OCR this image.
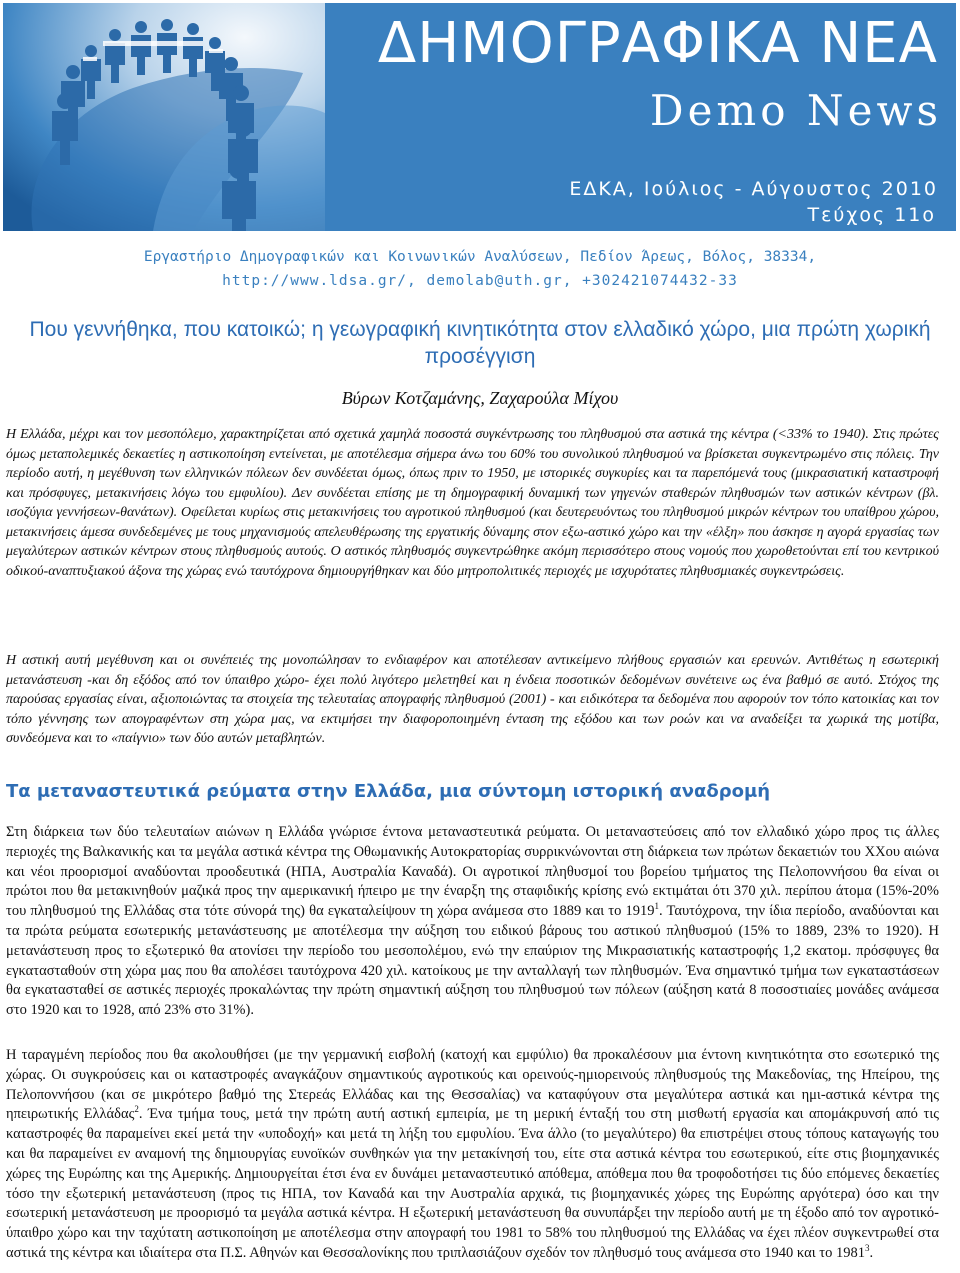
ΔΗΜΟΓΡΑΦΙΚΑ ΝΕΑ
Demo News
ΕΔΚΑ, Ιούλιος - Αύγουστος 2010
Τεύχος 11ο
Εργαστήριο Δημογραφικών και Κοινωνικών Αναλύσεων, Πεδίον Άρεως, Βόλος, 38334,
http://www.ldsa.gr/, demolab@uth.gr, +302421074432-33
Που γεννήθηκα, που κατοικώ; η γεωγραφική κινητικότητα στον ελλαδικό χώρο, μια πρώτη χωρική προσέγγιση
Βύρων Κοτζαμάνης, Ζαχαρούλα Μίχου

Η Ελλάδα, μέχρι και τον μεσοπόλεμο, χαρακτηρίζεται από σχετικά χαμηλά ποσοστά συγκέντρωσης του πληθυσμού στα αστικά της κέντρα (<33% το 1940). Στις πρώτες όμως μεταπολεμικές δεκαετίες η αστικοποίηση εντείνεται, με αποτέλεσμα σήμερα άνω του 60% του συνολικού πληθυσμού να βρίσκεται συγκεντρωμένο στις πόλεις. Την περίοδο αυτή, η μεγέθυνση των ελληνικών πόλεων δεν συνδέεται όμως, όπως πριν το 1950, με ιστορικές συγκυρίες και τα παρεπόμενά τους (μικρασιατική καταστροφή και πρόσφυγες, μετακινήσεις λόγω του εμφυλίου). Δεν συνδέεται επίσης με τη δημογραφική δυναμική των γηγενών σταθερών πληθυσμών των αστικών κέντρων (βλ. ισοζύγια γεννήσεων-θανάτων). Οφείλεται κυρίως στις μετακινήσεις του αγροτικού πληθυσμού (και δευτερευόντως του πληθυσμού μικρών κέντρων του υπαίθρου χώρου, μετακινήσεις άμεσα συνδεδεμένες με τους μηχανισμούς απελευθέρωσης της εργατικής δύναμης στον εξω-αστικό χώρο και την «έλξη» που άσκησε η αγορά εργασίας των μεγαλύτερων αστικών κέντρων στους πληθυσμούς αυτούς. Ο αστικός πληθυσμός συγκεντρώθηκε ακόμη περισσότερο στους νομούς που χωροθετούνται επί του κεντρικού οδικού-αναπτυξιακού άξονα της χώρας ενώ ταυτόχρονα δημιουργήθηκαν και δύο μητροπολιτικές περιοχές με ισχυρότατες πληθυσμιακές συγκεντρώσεις.

Η αστική αυτή μεγέθυνση και οι συνέπειές της μονοπώλησαν το ενδιαφέρον και αποτέλεσαν αντικείμενο πλήθους εργασιών και ερευνών. Αντιθέτως η εσωτερική μετανάστευση -και δη εξόδος από τον ύπαιθρο χώρο- έχει πολύ λιγότερο μελετηθεί και η ένδεια ποσοτικών δεδομένων συνέτεινε ως ένα βαθμό σε αυτό. Στόχος της παρούσας εργασίας είναι, αξιοποιώντας τα στοιχεία της τελευταίας απογραφής πληθυσμού (2001) - και ειδικότερα τα δεδομένα που αφορούν τον τόπο κατοικίας και τον τόπο γέννησης των απογραφέντων στη χώρα μας, να εκτιμήσει την διαφοροποιημένη ένταση της εξόδου και των ροών και να αναδείξει τα χωρικά της μοτίβα, συνδεόμενα και το «παίγνιο» των δύο αυτών μεταβλητών.

Τα μεταναστευτικά ρεύματα στην Ελλάδα, μια σύντομη ιστορική αναδρομή

Στη διάρκεια των δύο τελευταίων αιώνων η Ελλάδα γνώρισε έντονα μεταναστευτικά ρεύματα. Οι μεταναστεύσεις από τον ελλαδικό χώρο προς τις άλλες περιοχές της Βαλκανικής και τα μεγάλα αστικά κέντρα της Οθωμανικής Αυτοκρατορίας συρρικνώνονται στη διάρκεια των πρώτων δεκαετιών του XXου αιώνα και νέοι προορισμοί αναδύονται προοδευτικά (ΗΠΑ, Αυστραλία Καναδά). Οι αγροτικοί πληθυσμοί του βορείου τμήματος της Πελοποννήσου θα είναι οι πρώτοι που θα μετακινηθούν μαζικά προς την αμερικανική ήπειρο με την έναρξη της σταφιδικής κρίσης ενώ εκτιμάται ότι 370 χιλ. περίπου άτομα (15%-20% του πληθυσμού της Ελλάδας στα τότε σύνορά της) θα εγκαταλείψουν τη χώρα ανάμεσα στο 1889 και το 1919$^1$. Ταυτόχρονα, την ίδια περίοδο, αναδύονται και τα πρώτα ρεύματα εσωτερικής μετανάστευσης με αποτέλεσμα την αύξηση του ειδικού βάρους του αστικού πληθυσμού (15% το 1889, 23% το 1920). Η μετανάστευση προς το εξωτερικό θα ατονίσει την περίοδο του μεσοπολέμου, ενώ την επαύριον της Μικρασιατικής καταστροφής 1,2 εκατομ. πρόσφυγες θα εγκατασταθούν στη χώρα μας που θα απολέσει ταυτόχρονα 420 χιλ. κατοίκους με την ανταλλαγή των πληθυσμών. Ένα σημαντικό τμήμα των εγκαταστάσεων θα εγκατασταθεί σε αστικές περιοχές προκαλώντας την πρώτη σημαντική αύξηση του πληθυσμού των πόλεων (αύξηση κατά 8 ποσοστιαίες μονάδες ανάμεσα στο 1920 και το 1928, από 23% στο 31%).

Η ταραγμένη περίοδος που θα ακολουθήσει (με την γερμανική εισβολή (κατοχή και εμφύλιο) θα προκαλέσουν μια έντονη κινητικότητα στο εσωτερικό της χώρας. Οι συγκρούσεις και οι καταστροφές αναγκάζουν σημαντικούς αγροτικούς και ορεινούς-ημιορεινούς πληθυσμούς της Μακεδονίας, της Ηπείρου, της Πελοποννήσου (και σε μικρότερο βαθμό της Στερεάς Ελλάδας και της Θεσσαλίας) να καταφύγουν στα μεγαλύτερα αστικά και ημι-αστικά κέντρα της ηπειρωτικής Ελλάδας$^2$. Ένα τμήμα τους, μετά την πρώτη αυτή αστική εμπειρία, με τη μερική ένταξή του στη μισθωτή εργασία και απομάκρυνσή από τις καταστροφές θα παραμείνει εκεί μετά την «υποδοχή» και μετά τη λήξη του εμφυλίου. Ένα άλλο (το μεγαλύτερο) θα επιστρέψει στους τόπους καταγωγής του και θα παραμείνει εν αναμονή της δημιουργίας ευνοϊκών συνθηκών για την μετακίνησή του, είτε στα αστικά κέντρα του εσωτερικού, είτε στις βιομηχανικές χώρες της Ευρώπης και της Αμερικής. Δημιουργείται έτσι ένα εν δυνάμει μεταναστευτικό απόθεμα, απόθεμα που θα τροφοδοτήσει τις δύο επόμενες δεκαετίες τόσο την εξωτερική μετανάστευση (προς τις ΗΠΑ, τον Καναδά και την Αυστραλία αρχικά, τις βιομηχανικές χώρες της Ευρώπης αργότερα) όσο και την εσωτερική μετανάστευση με προορισμό τα μεγάλα αστικά κέντρα. Η εξωτερική μετανάστευση θα συνυπάρξει την περίοδο αυτή με τη έξοδο από τον αγροτικό-ύπαιθρο χώρο και την ταχύτατη αστικοποίηση με αποτέλεσμα στην απογραφή του 1981 το 58% του πληθυσμού της Ελλάδας να έχει πλέον συγκεντρωθεί στα αστικά της κέντρα και ιδιαίτερα στα Π.Σ. Αθηνών και Θεσσαλονίκης που τριπλασιάζουν σχεδόν τον πληθυσμό τους ανάμεσα στο 1940 και το 1981$^3$.
